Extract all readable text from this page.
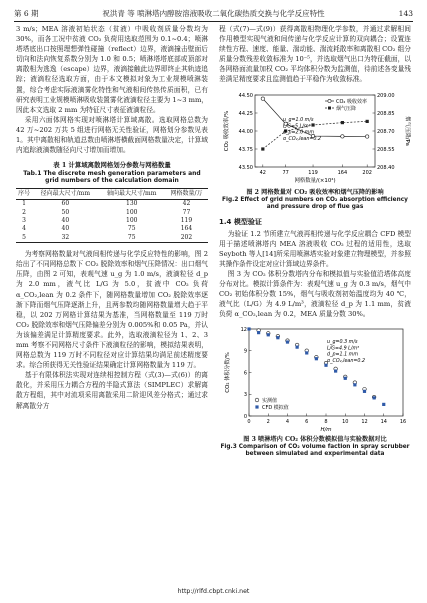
第 6 期	祝洪青 等 喷淋塔内醇胺溶液吸收二氧化碳热质交换与化学反应特性	143

3 m/s；MEA 溶液初始状态（贫液）中吸收剂质量分数均为 30%，而各工况中贫液 CO₂ 负荷用选取范围为 0.1~0.4；喷淋塔塔底出口按照理想弹性碰撞（reflect）边界，液滴撞击壁面后切向和法向恢复系数分别为 1.0 和 0.5；喷淋塔塔底部或顶部对离散相为逃逸（escape）边界，液滴接触此边界即终止其轨迹追踪；液滴粒径选取方面，由于本文模拟对象为工业规模喷淋装置，综合考虑实际液滴雾化特性和气液相间传热传质面积，已有研究表明工业规模喷淋吸收装置雾化液滴粒径主要为 1~3 mm，因此本文选取 2 mm 为特征尺寸表征液滴粒径。

采用六面体网格实现对喷淋塔计算域离散。选取网格总数为 42 万~202 万共 5 组进行网格无关性验证，网格划分参数见表 1。其中离散相和轨道总数由喷淋塔横截面网格数量决定，计算域内追踪液滴数随径向尺寸增加而增加。

表 1 计算域离散网格划分参数与网格数量
Tab.1 The discrete mesh generation parameters and grid numbers of the calculation domain
序号	径向最大尺寸/mm	轴向最大尺寸/mm	网格数量/万
1	60	130	42
2	50	100	77
3	40	100	119
4	40	75	164
5	32	75	202

为考察网格数量对气液间相传递与化学反应特性的影响，图 2 给出了不同网格总数下 CO₂ 脱除效率和烟气压降情况：出口烟气压降，由图 2 可知，表观气速 u_g 为 1.0 m/s，液滴粒径 d_p 为 2.0 mm，液气比 L/G 为 5.0，贫液中 CO₂ 负荷 α_CO₂,lean 为 0.2 条件下，随网格数量增加 CO₂ 脱除效率逐渐下降而烟气压降逐渐上升，且两参数均随网格数量增大趋于平稳，以 202 万网格计算结果为基准，当网格数量至 119 万时 CO₂ 脱除效率和烟气压降偏差分别为 0.005%和 0.05 Pa，并认为该偏差满足计算精度要求。此外，选取液滴粒径为 1、2、3 mm 考察不同网格尺寸条件下液滴粒径的影响，模拟结果表明，网格总数为 119 万时不同粒径对应计算结果均满足前述精度要求。综合所获得无关性验证结果确定计算网格数量为 119 万。

基于有限体积法实现对连续相控制方程（式(3)—式(6)）的离散化，并采用压力耦合方程的半隐式算法（SIMPLEC）求解离散方程组，其中对流项采用离散采用二阶迎风差分格式；通过求解离散分方

程（式(7)—式(9)）获得离散相物理化学参数，并通过求解相间作用模型实现气液和间传递与化学反应计算的双向耦合；设置连续性方程、速度、能量、湍动能、湍流耗散率和离散相 CO₂ 组分质量分数残差收敛标准为 10⁻⁵，并选取烟气出口为特征截面，以各网格面流量加权 CO₂ 平均体积分数为监测值，待前述各变量残差满足精度要求且监测值趋于平稳作为收敛标准。

43.50
43.75
44.00
44.25
44.50
208.40
208.55
208.70
208.85
209.00
42	77	119	164	202
网格数量/(×10⁴)
CO₂ 吸收效率/%	烟气压降/Pa
CO₂ 吸收效率
烟气压降
u_g=1.0 m/s
L/G=5 L/m³
d_p=2.0 mm
α_CO₂,lean=0.2
图 2 网格数量对 CO₂ 吸收效率和烟气压降的影响
Fig.2 Effect of grid numbers on CO₂ absorption efficiency and pressure drop of flue gas
1.4 模型验证

为验证 1.2 节所建立气液再相传递与化学反应耦合 CFD 模型用于描述喷淋塔内 MEA 溶液吸收 CO₂ 过程的适用性，选取 Seyboth 等人[14]所采用喷淋塔实验对象建立物理模型，并参照其操作条件设定对应计算域边界条件。

图 3 为 CO₂ 体积分数塔内分布和模拟值与实验值沿塔体高度分布对比。模拟计算条件为：表观气速 u_g 为 0.3 m/s，烟气中 CO₂ 初始体积分数 15%，烟气与吸收剂初始温度均为 40 ℃，液气比（L/G）为 4.9 L/m³，液滴粒径 d_p 为 1.1 mm，贫液负荷 α_CO₂,lean 为 0.2，MEA 质量分数 30%。

0	2	4	6	8	10	12	14	16
0
3
6
9
12
H/m
CO₂ 体积分数/%
u_g=0.3 m/s
L/G=4.9 L/m³
d_p=1.1 mm
α_CO₂,lean=0.2
实测值
CFD 模拟值
图 3 喷淋塔内 CO₂ 体积分数模拟值与实验数据对比
Fig.3 Comparison of CO₂ volume faction in spray scrubber between simulated and experimental data
http://rlfd.cbpt.cnki.net
